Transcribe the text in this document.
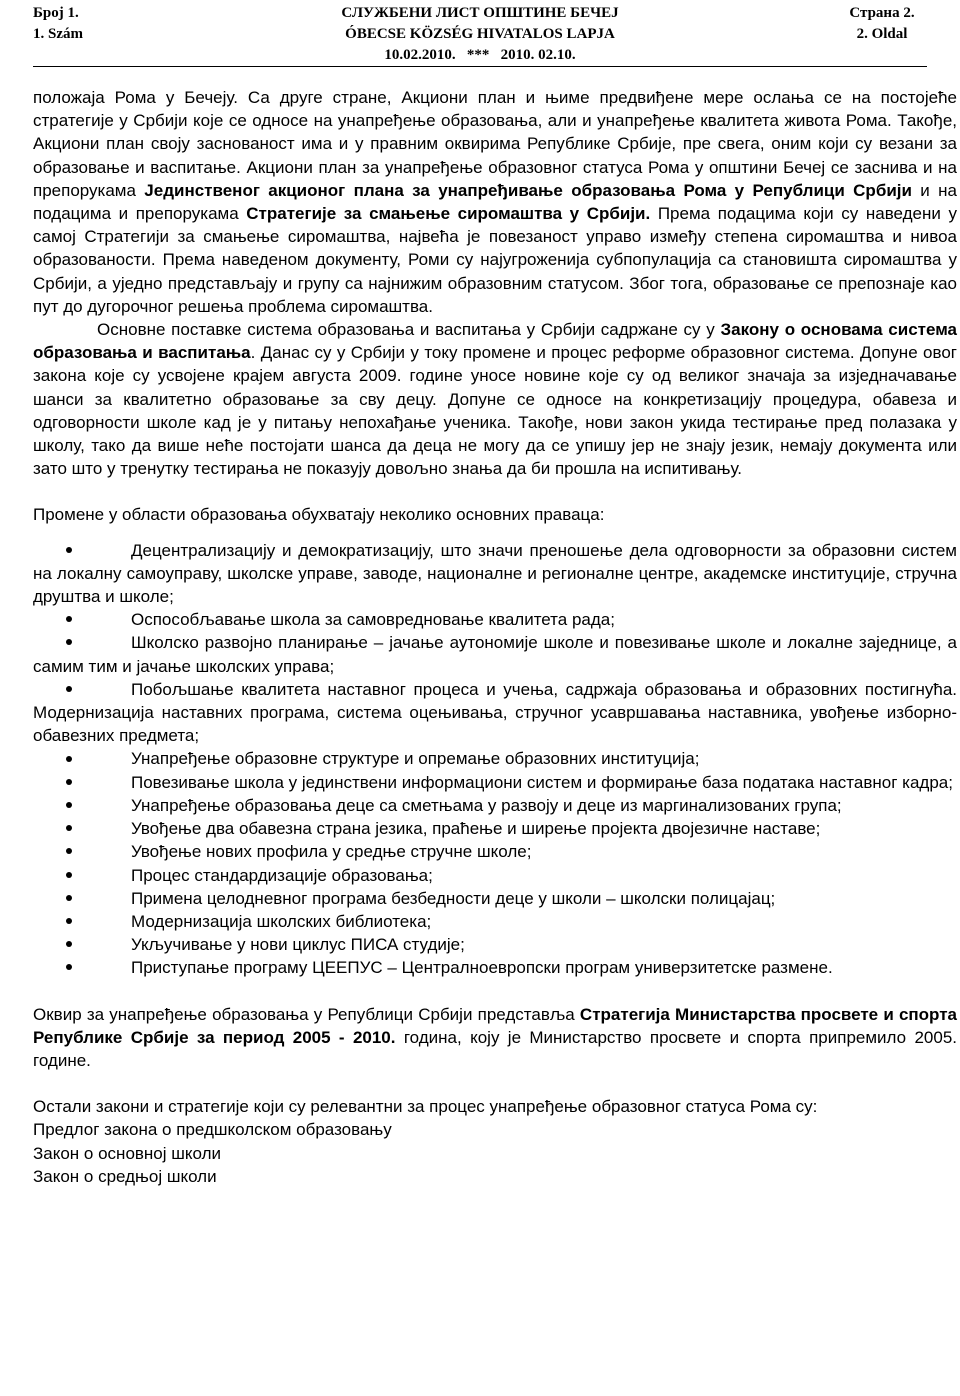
Број 1.
1. Szám
СЛУЖБЕНИ ЛИСТ ОПШТИНЕ БЕЧЕЈ
ÓBECSE KÖZSÉG HIVATALOS LAPJA
10.02.2010.   ***   2010. 02.10.
Страна 2.
2. Oldal

положаја Рома у Бечеју. Са друге стране, Акциони план и њиме предвиђене мере ослања се на постојеће стратегије у Србији које се односе на унапређење образовања, али и унапређење квалитета живота Рома. Такође, Акциони план своју заснованост има и у правним оквирима Републике Србије, пре свега, оним који су везани за образовање и васпитање. Акциони план за унапређење образовног статуса Рома у општини Бечеј се заснива и на препорукама Јединственог акционог плана за унапређивање образовања Рома у Републици Србији и на подацима и препорукама Стратегије за смањење сиромаштва у Србији. Према подацима који су наведени у самој Стратегији за смањење сиромаштва, највећа је повезаност управо између степена сиромаштва и нивоа образованости. Према наведеном документу, Роми су најугроженија субпопулација са становишта сиромаштва у Србији, а уједно представљају и групу са најнижим образовним статусом. Због тога, образовање се препознаје као пут до дугорочног решења проблема сиромаштва.

Основне поставке система образовања и васпитања у Србији садржане су у Закону о основама система образовања и васпитања. Данас су у Србији у току промене и процес реформе образовног система. Допуне овог закона које су усвојене крајем августа 2009. године уносе новине које су од великог значаја за изједначавање шанси за квалитетно образовање за сву децу. Допуне се односе на конкретизацију процедура, обавеза и одговорности школе кад је у питању непохађање ученика. Такође, нови закон укида тестирање пред полазака у школу, тако да више неће постојати шанса да деца не могу да се упишу јер не знају језик, немају документа или зато што у тренутку тестирања не показују довољно знања да би прошла на испитивању.

Промене у области образовања обухватају неколико основних праваца:

Децентрализацију и демократизацију, што значи преношење дела одговорности за образовни систем на локалну самоуправу, школске управе, заводе, националне и регионалне центре, академске институције, стручна друштва и школе;
Оспособљавање школа за самовредновање квалитета рада;
Школско развојно планирање – јачање аутономије школе и повезивање школе и локалне заједнице, а самим тим и јачање школских управа;
Побољшање квалитета наставног процеса и учења, садржаја образовања и образовних постигнућа. Модернизација наставних програма, система оцењивања, стручног усавршавања наставника, увођење изборно-обавезних предмета;
Унапређење образовне структуре и опремање образовних институција;
Повезивање школа у јединствени информациони систем и формирање база података наставног кадра;
Унапређење образовања деце са сметњама у развоју и деце из маргинализованих група;
Увођење два обавезна страна језика, праћење и ширење пројекта двојезичне наставе;
Увођење нових профила у средње стручне школе;
Процес стандардизације образовања;
Примена целодневног програма безбедности деце у школи – школски полицајац;
Модернизација школских библиотека;
Укључивање у нови циклус ПИСА студије;
Приступање програму ЦЕЕПУС – Централноевропски програм универзитетске размене.

Оквир за унапређење образовања у Републици Србији представља Стратегија Министарства просвете и спорта Републике Србије за период 2005 - 2010. година, коју је Министарство просвете и спорта припремило 2005. године.

Остали закони и стратегије који су релевантни за процес унапређење образовног статуса Рома су:

Предлог закона о предшколском образовању
Закон о основној школи
Закон о средњој школи
